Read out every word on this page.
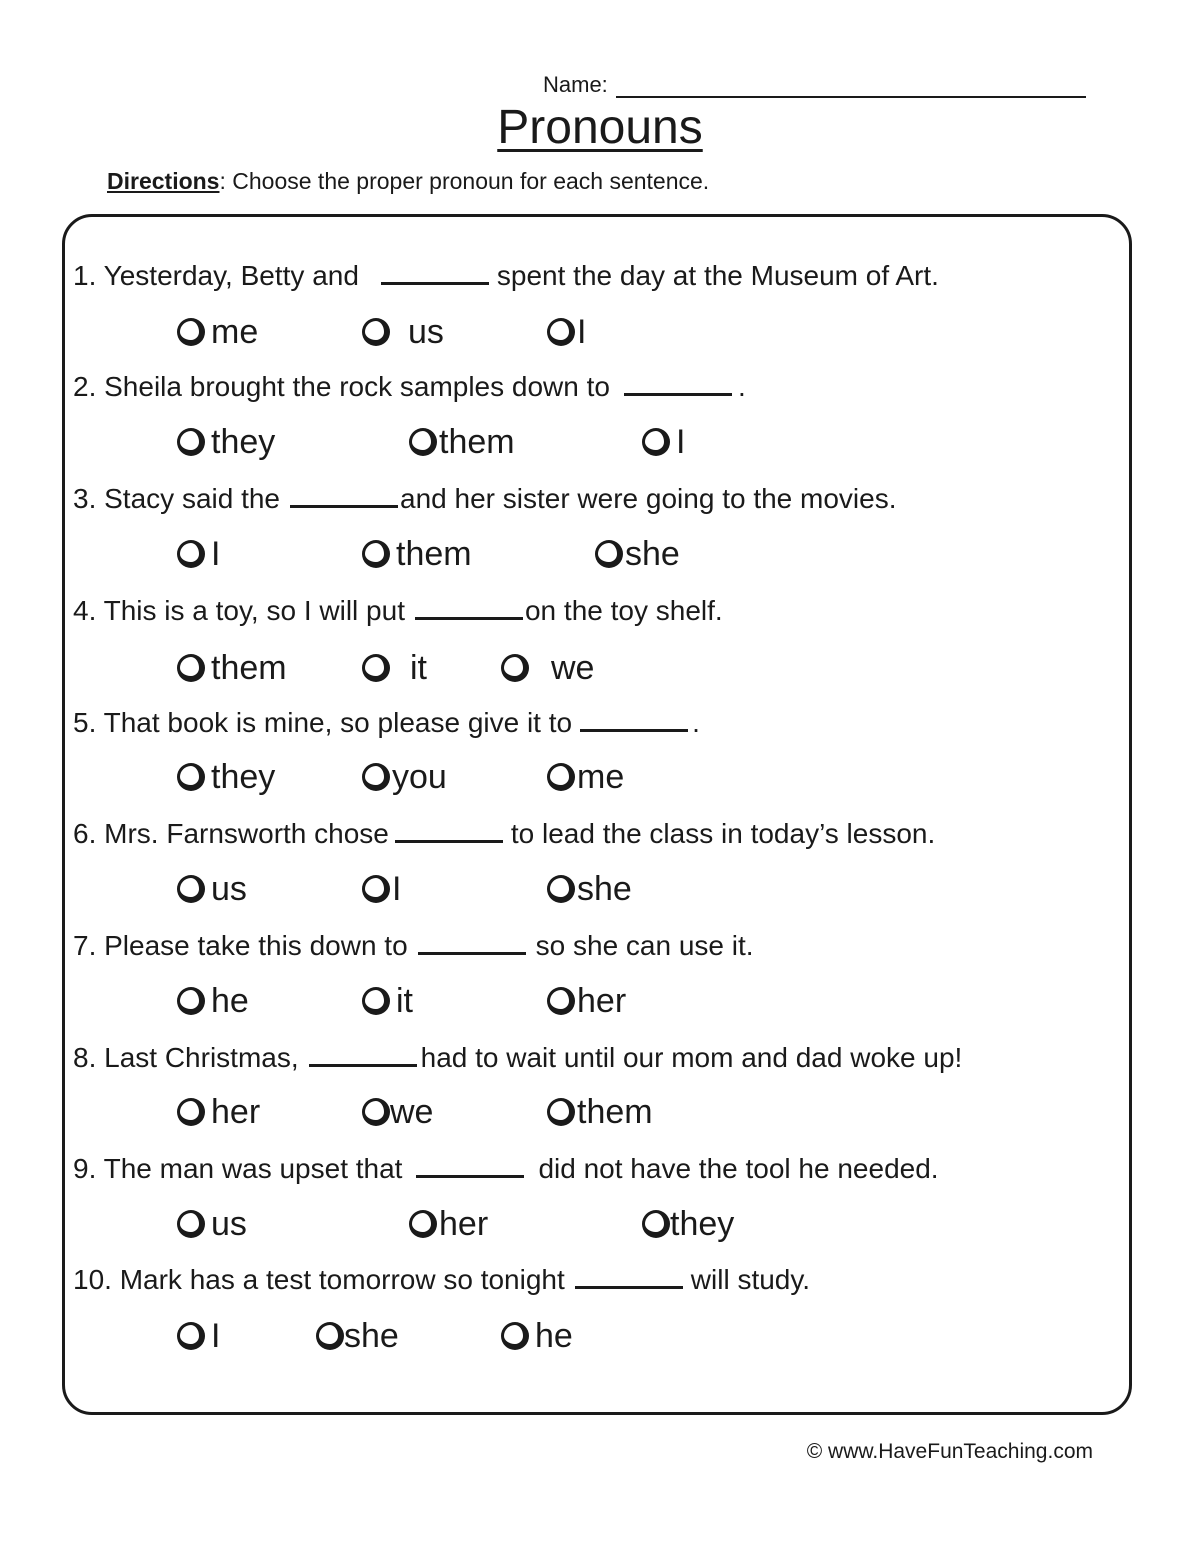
Name:
Pronouns
Directions: Choose the proper pronoun for each sentence.
1. Yesterday, Betty and	spent the day at the Museum of Art.
me	us	I
2. Sheila brought the rock samples down to	.
they	them	I
3. Stacy said the	and her sister were going to the movies.
I	them	she
4. This is a toy, so I will put	on the toy shelf.
them	it	we
5. That book is mine, so please give it to	.
they	you	me
6. Mrs. Farnsworth chose	to lead the class in today’s lesson.
us	I	she
7. Please take this down to	so she can use it.
he	it	her
8. Last Christmas,	had to wait until our mom and dad woke up!
her	we	them
9. The man was upset that	did not have the tool he needed.
us	her	they
10. Mark has a test tomorrow so tonight	will study.
I	she	he
© www.HaveFunTeaching.com
